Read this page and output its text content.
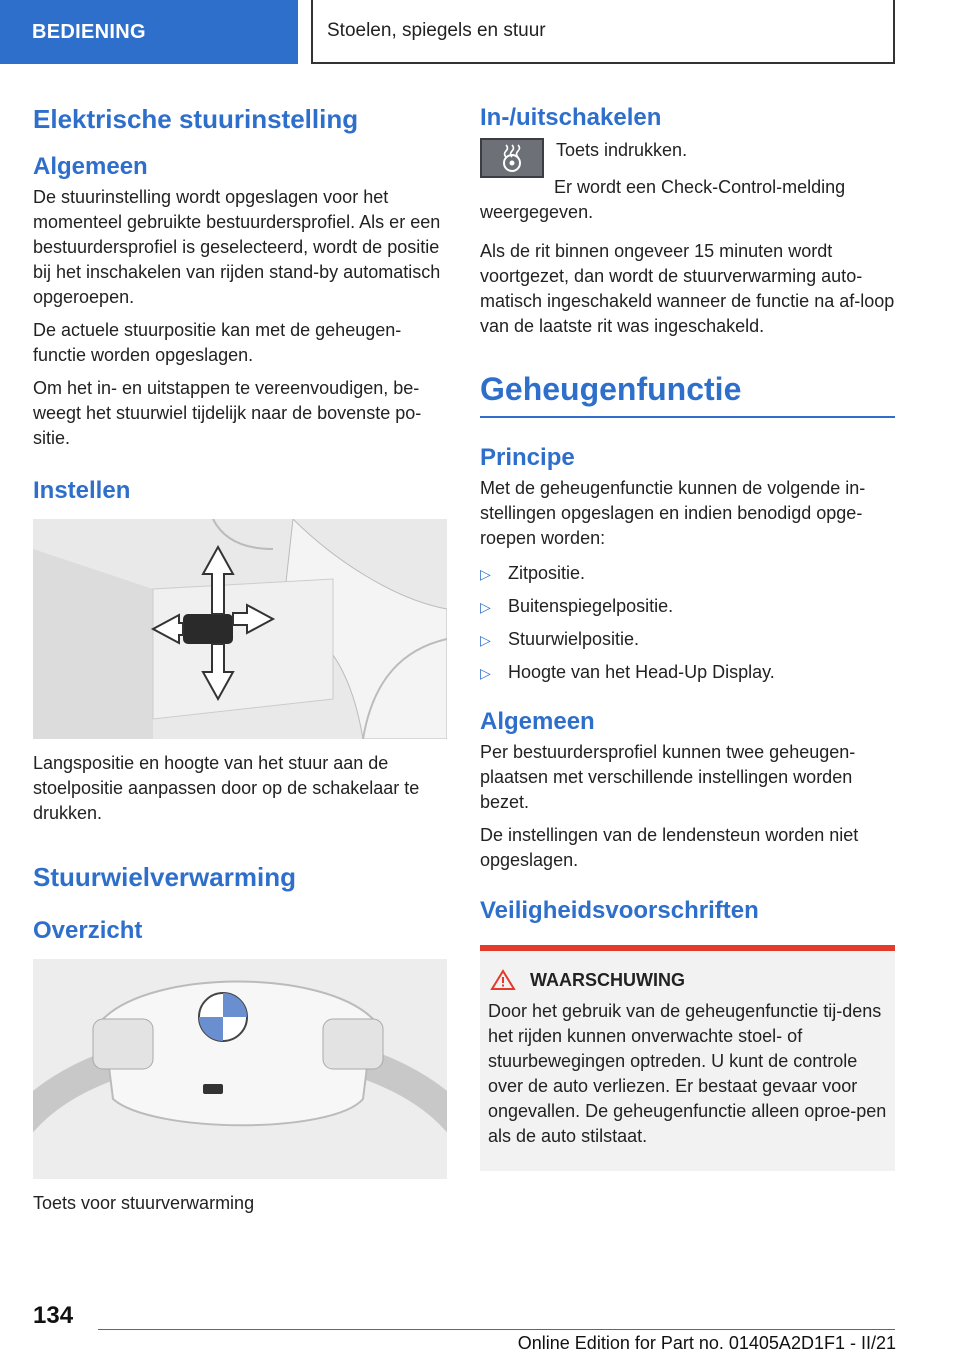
BEDIENING	Stoelen, spiegels en stuur
Elektrische stuurinstelling
Algemeen

De stuurinstelling wordt opgeslagen voor het momenteel gebruikte bestuurdersprofiel. Als er een bestuurdersprofiel is geselecteerd, wordt de positie bij het inschakelen van rijden stand-by automatisch opgeroepen.

De actuele stuurpositie kan met de geheugen-functie worden opgeslagen.

Om het in- en uitstappen te vereenvoudigen, be-weegt het stuurwiel tijdelijk naar de bovenste po-sitie.

Instellen

Langspositie en hoogte van het stuur aan de stoelpositie aanpassen door op de schakelaar te drukken.

Stuurwielverwarming
Overzicht

Toets voor stuurverwarming

In-/uitschakelen

Toets indrukken.

Er wordt een Check-Control-melding weergegeven.

Als de rit binnen ongeveer 15 minuten wordt voortgezet, dan wordt de stuurverwarming auto-matisch ingeschakeld wanneer de functie na af-loop van de laatste rit was ingeschakeld.

Geheugenfunctie
Principe

Met de geheugenfunctie kunnen de volgende in-stellingen opgeslagen en indien benodigd opge-roepen worden:

▷ Zitpositie.
▷ Buitenspiegelpositie.
▷ Stuurwielpositie.
▷ Hoogte van het Head-Up Display.
Algemeen

Per bestuurdersprofiel kunnen twee geheugen-plaatsen met verschillende instellingen worden bezet.

De instellingen van de lendensteun worden niet opgeslagen.

Veiligheidsvoorschriften
WAARSCHUWING

Door het gebruik van de geheugenfunctie tij-dens het rijden kunnen onverwachte stoel- of stuurbewegingen optreden. U kunt de controle over de auto verliezen. Er bestaat gevaar voor ongevallen. De geheugenfunctie alleen oproe-pen als de auto stilstaat.

134
Online Edition for Part no. 01405A2D1F1 - II/21
